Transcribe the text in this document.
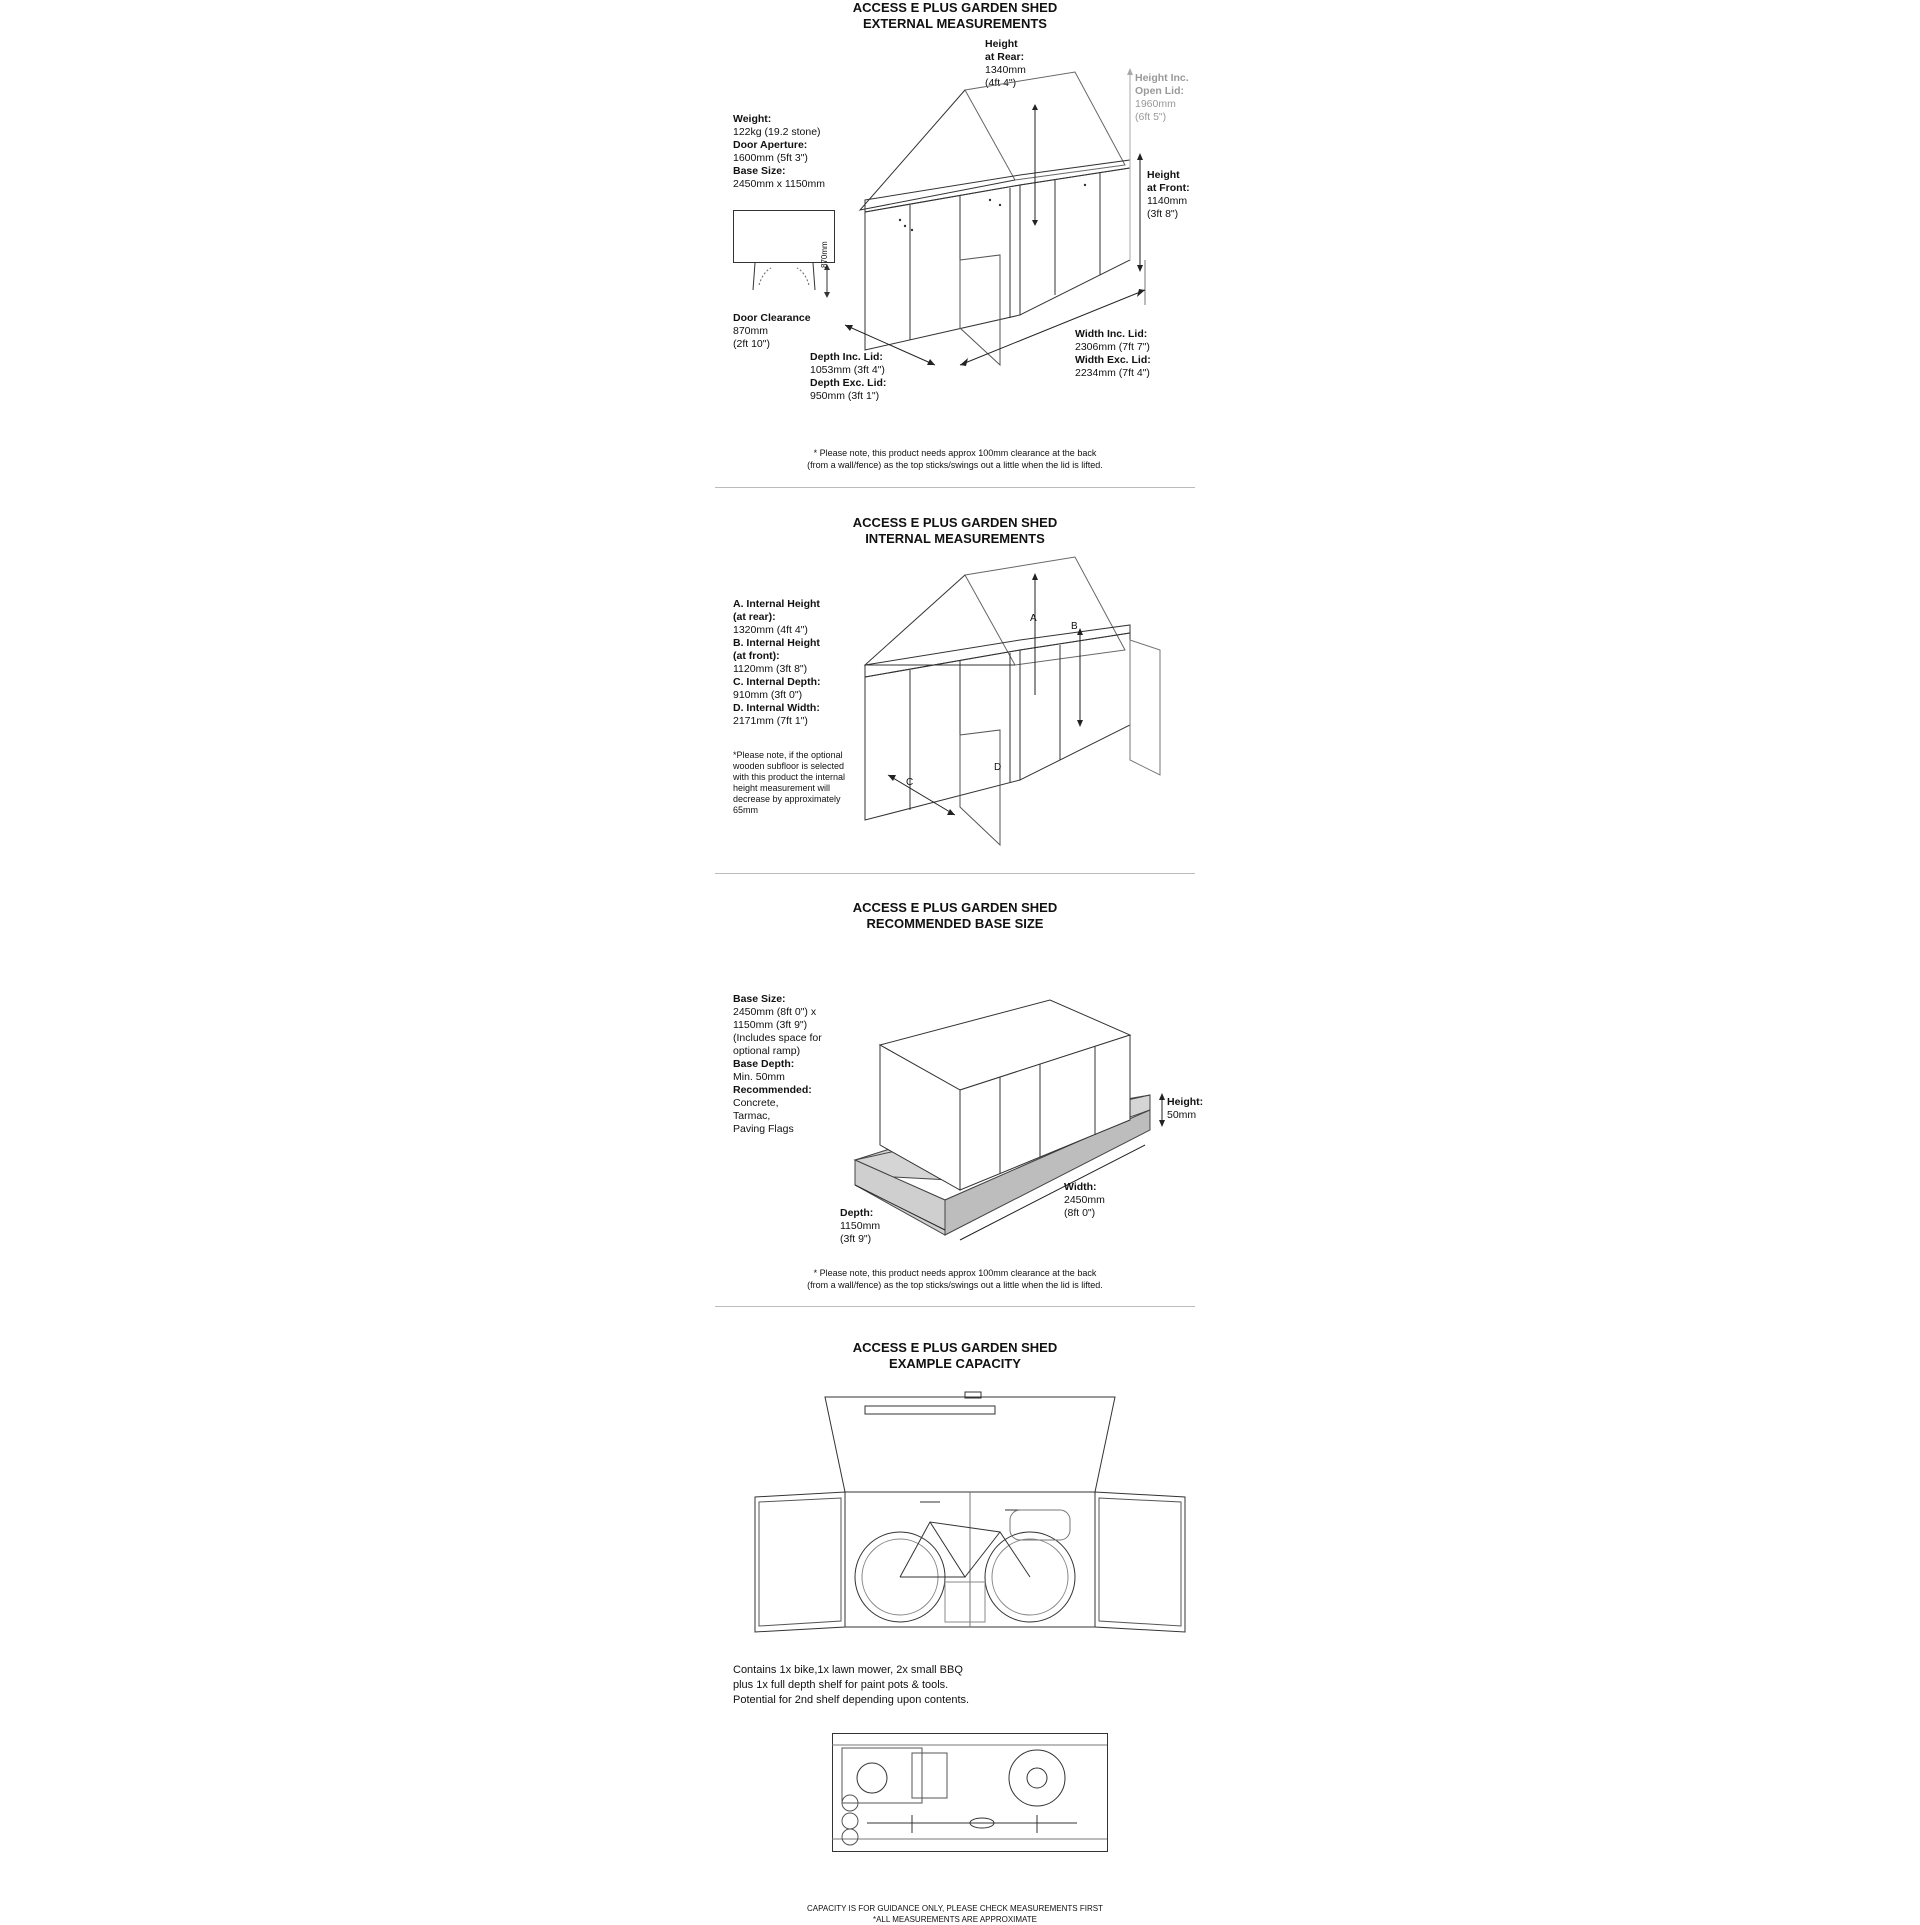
ACCESS E PLUS GARDEN SHED
EXTERNAL MEASUREMENTS
Weight:
122kg (19.2 stone)
Door Aperture:
1600mm (5ft 3")
Base Size:
2450mm x 1150mm
870mm
Door Clearance
870mm
(2ft 10")
Height
at Rear:
1340mm
(4ft 4")	Height Inc.
Open Lid:
1960mm
(6ft 5")
Height
at Front:
1140mm
(3ft 8")
Width Inc. Lid:
2306mm (7ft 7")
Width Exc. Lid:
2234mm (7ft 4")
Depth Inc. Lid:
1053mm (3ft 4")
Depth Exc. Lid:
950mm (3ft 1")
* Please note, this product needs approx 100mm clearance at the back
(from a wall/fence) as the top sticks/swings out a little when the lid is lifted.
ACCESS E PLUS GARDEN SHED
INTERNAL MEASUREMENTS
A. Internal Height
(at rear):
1320mm (4ft 4")
B. Internal Height
(at front):
1120mm (3ft 8")
C. Internal Depth:
910mm (3ft 0")
D. Internal Width:
2171mm (7ft 1")
*Please note, if the optional
wooden subfloor is selected
with this product the internal
height measurement will
decrease by approximately
65mm
A
B
C
D
ACCESS E PLUS GARDEN SHED
RECOMMENDED BASE SIZE
Base Size:
2450mm (8ft 0") x
1150mm (3ft 9")
(Includes space for
optional ramp)
Base Depth:
Min. 50mm
Recommended:
Concrete,
Tarmac,
Paving Flags
Height:
50mm
Width:
2450mm
(8ft 0")
Depth:
1150mm
(3ft 9")
* Please note, this product needs approx 100mm clearance at the back
(from a wall/fence) as the top sticks/swings out a little when the lid is lifted.
ACCESS E PLUS GARDEN SHED
EXAMPLE CAPACITY
Contains 1x bike,1x lawn mower, 2x small BBQ
plus 1x full depth shelf for paint pots & tools.
Potential for 2nd shelf depending upon contents.
CAPACITY IS FOR GUIDANCE ONLY, PLEASE CHECK MEASUREMENTS FIRST
*ALL MEASUREMENTS ARE APPROXIMATE
